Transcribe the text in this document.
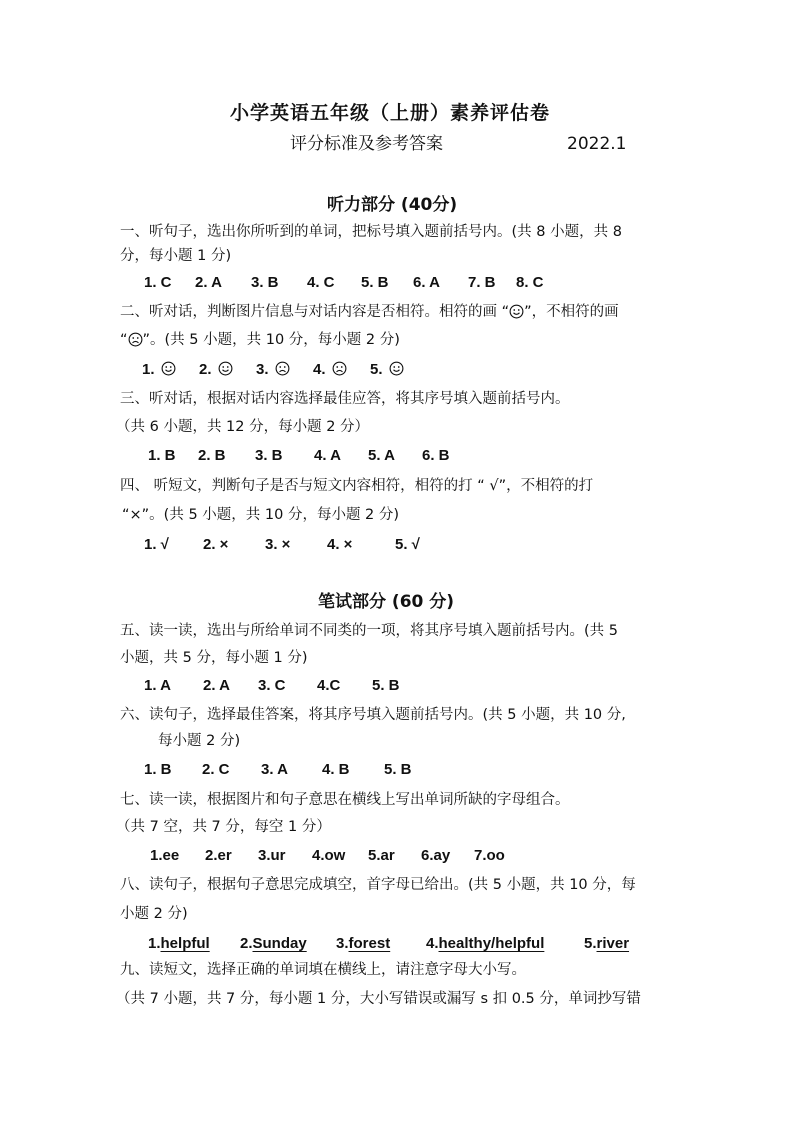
小学英语五年级（上册）素养评估卷
评分标准及参考答案	2022.1
听力部分 (40分)
一、听句子，选出你所听到的单词，把标号填入题前括号内。(共 8 小题，共 8
分，每小题 1 分)
1. C 2. A 3. B 4. C 5. B 6. A 7. B 8. C
二、听对话，判断图片信息与对话内容是否相符。相符的画 “ ”，不相符的画
“ ”。(共 5 小题，共 10 分，每小题 2 分)
1.	2.	3.	4.	5.
三、听对话，根据对话内容选择最佳应答，将其序号填入题前括号内。
（共 6 小题，共 12 分，每小题 2 分）
1. B 2. B 3. B 4. A 5. A 6. B
四、 听短文，判断句子是否与短文内容相符，相符的打 “ √”，不相符的打
“×”。(共 5 小题，共 10 分，每小题 2 分)
1. √ 2. × 3. × 4. ×	5. √
笔试部分 (60 分)
五、读一读，选出与所给单词不同类的一项，将其序号填入题前括号内。(共 5
小题，共 5 分，每小题 1 分)
1. A 2. A 3. C 4.C 5. B
六、读句子，选择最佳答案，将其序号填入题前括号内。(共 5 小题，共 10 分,
每小题 2 分)
1. B 2. C 3. A 4. B 5. B
七、读一读，根据图片和句子意思在横线上写出单词所缺的字母组合。
（共 7 空，共 7 分，每空 1 分）
1.ee 2.er 3.ur 4.ow 5.ar 6.ay 7.oo
八、读句子，根据句子意思完成填空，首字母已给出。(共 5 小题，共 10 分，每
小题 2 分)
1.helpful 2.Sunday 3.forest 4.healthy/helpful	5.river
九、读短文，选择正确的单词填在横线上，请注意字母大小写。
（共 7 小题，共 7 分，每小题 1 分，大小写错误或漏写 s 扣 0.5 分，单词抄写错
